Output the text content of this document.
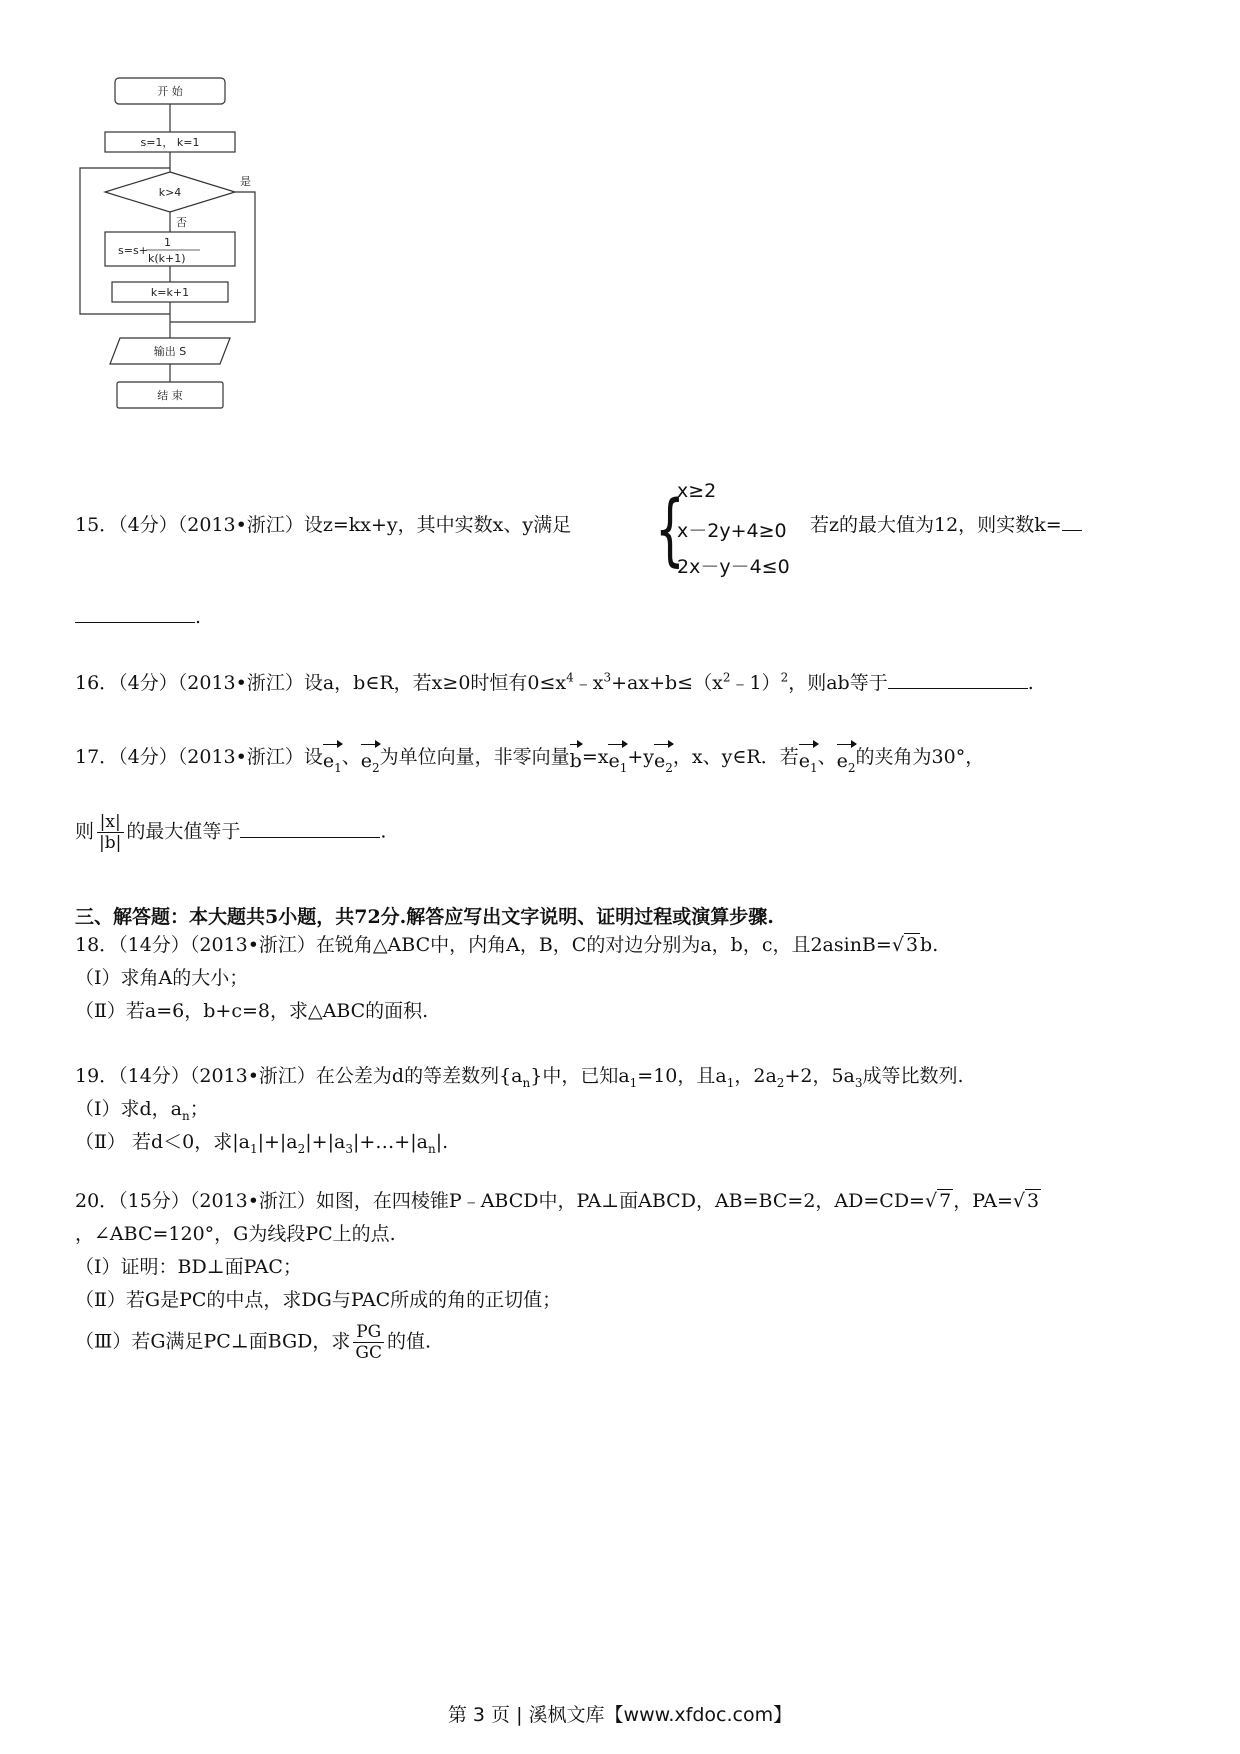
开 始
s=1， k=1
k>4
是
否
s=s+
1
k(k+1)
k=k+1
输出 S
结 束
15．（4分）（2013•浙江）设z=kx+y，其中实数x、y满足 {
x≥2
x－2y+4≥0
2x－y－4≤0
若z的最大值为12，则实数k=
.
16．（4分）（2013•浙江）设a，b∈R，若x≥0时恒有$0\le x^4﹣x^3+ax+b\le(x^2﹣1)^2$，则ab等于	.
17．（4分）（2013•浙江）设$e_1$、$e_2$为单位向量，非零向量$b=xe_1+ye_2$，x、y∈R．若$e_1$、$e_2$的夹角为30°，
则 $\frac{|x|}{|b|}$ 的最大值等于	.
三、解答题：本大题共5小题，共72分.解答应写出文字说明、证明过程或演算步骤.
18．（14分）（2013•浙江）在锐角△ABC中，内角A，B，C的对边分别为a，b，c，且2asinB=√ 3 b.
（Ⅰ）求角A的大小；
（Ⅱ）若a=6，b+c=8，求△ABC的面积.
19．（14分）（2013•浙江）在公差为d的等差数列$\{a_n\}$中，已知$a_1=10$，且$a_1$，$2a_2+2$，$5a_3$成等比数列.
（Ⅰ）求d，$a_n$；
（Ⅱ） 若d＜0，求$|a_1|+|a_2|+|a_3|+\dots+|a_n|$.
20．（15分）（2013•浙江）如图，在四棱锥P﹣ABCD中，PA⊥面ABCD，AB=BC=2，AD=CD=√ 7 ，PA=√ 3
，∠ABC=120°，G为线段PC上的点.
（Ⅰ）证明：BD⊥面PAC；
（Ⅱ）若G是PC的中点，求DG与PAC所成的角的正切值；
（Ⅲ）若G满足PC⊥面BGD，求 $\frac{PG}{GC}$ 的值.
第 3 页 | 溪枫文库【www.xfdoc.com】
